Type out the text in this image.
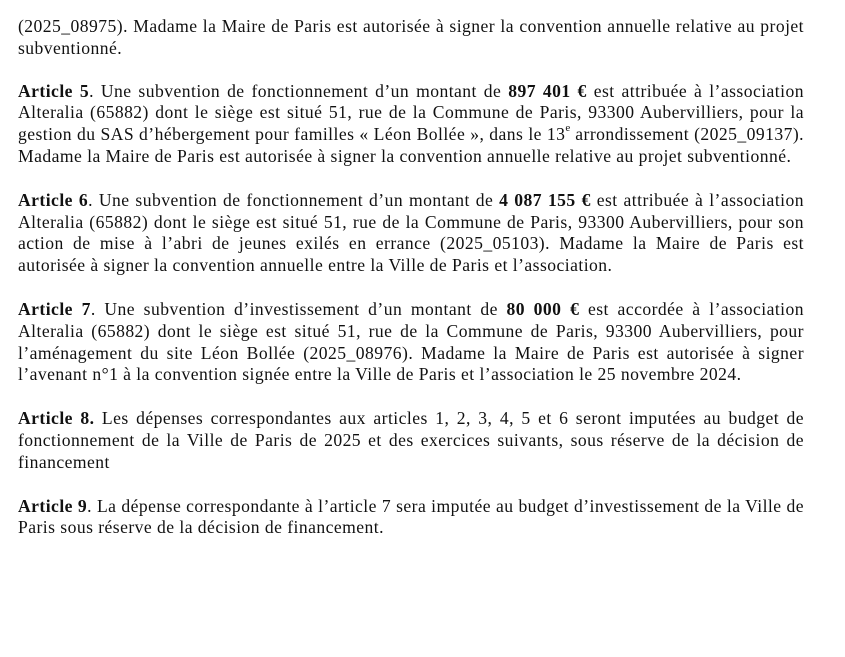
(2025_08975). Madame la Maire de Paris est autorisée à signer la convention annuelle relative au projet subventionné.

Article 5. Une subvention de fonctionnement d’un montant de 897 401 € est attribuée à l’association Alteralia (65882) dont le siège est situé 51, rue de la Commune de Paris, 93300 Aubervilliers, pour la gestion du SAS d’hébergement pour familles « Léon Bollée », dans le 13e arrondissement (2025_09137). Madame la Maire de Paris est autorisée à signer la convention annuelle relative au projet subventionné.

Article 6. Une subvention de fonctionnement d’un montant de 4 087 155 € est attribuée à l’association Alteralia (65882) dont le siège est situé 51, rue de la Commune de Paris, 93300 Aubervilliers, pour son action de mise à l’abri de jeunes exilés en errance (2025_05103). Madame la Maire de Paris est autorisée à signer la convention annuelle entre la Ville de Paris et l’association.

Article 7. Une subvention d’investissement d’un montant de 80 000 € est accordée à l’association Alteralia (65882) dont le siège est situé 51, rue de la Commune de Paris, 93300 Aubervilliers, pour l’aménagement du site Léon Bollée (2025_08976). Madame la Maire de Paris est autorisée à signer l’avenant n°1 à la convention signée entre la Ville de Paris et l’association le 25 novembre 2024.

Article 8. Les dépenses correspondantes aux articles 1, 2, 3, 4, 5 et 6 seront imputées au budget de fonctionnement de la Ville de Paris de 2025 et des exercices suivants, sous réserve de la décision de financement

Article 9. La dépense correspondante à l’article 7 sera imputée au budget d’investissement de la Ville de Paris sous réserve de la décision de financement.
